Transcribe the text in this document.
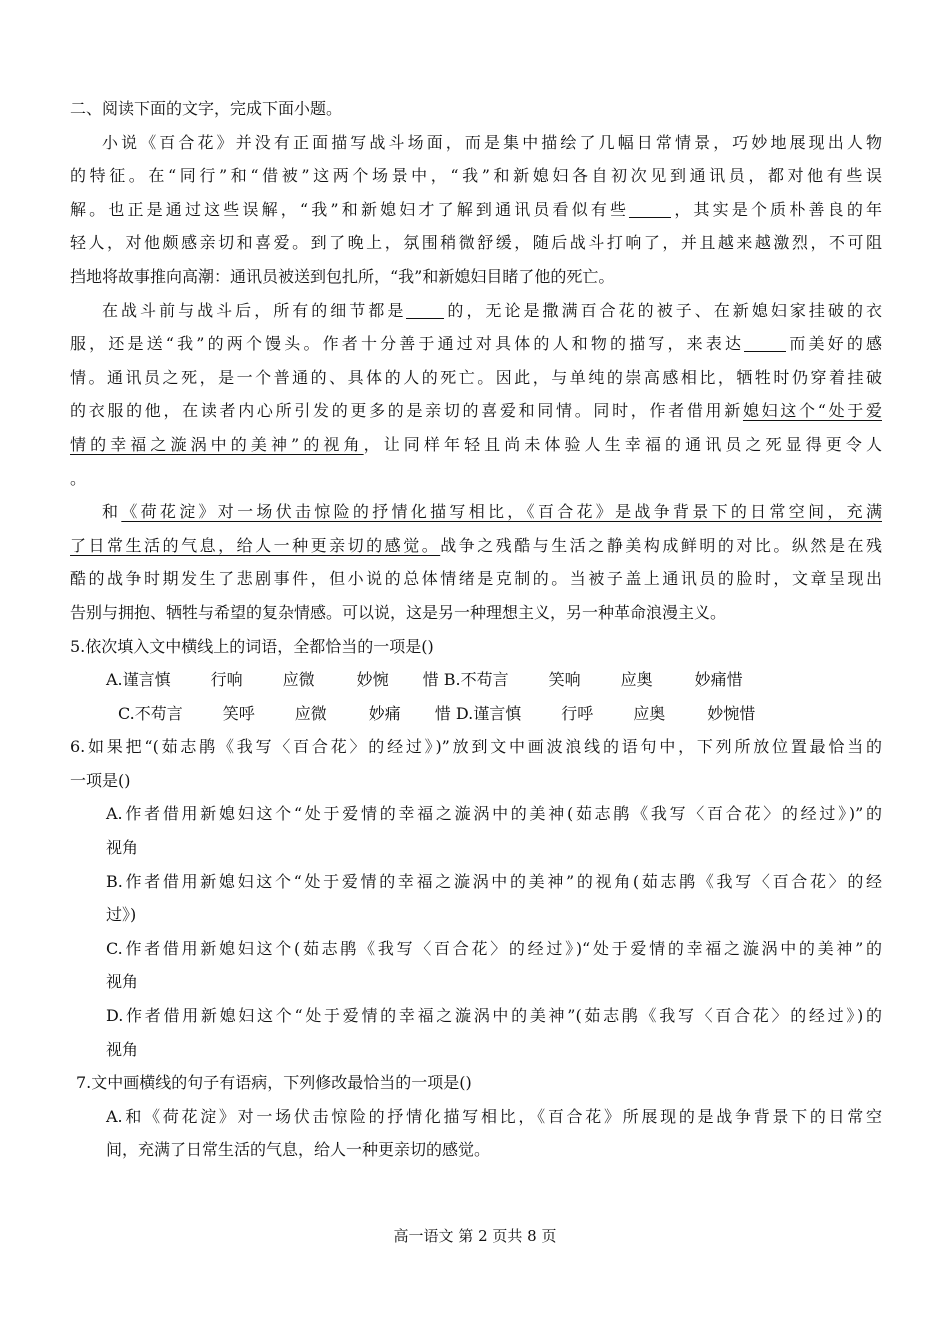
二、阅读下面的文字，完成下面小题。
小说《百合花》并没有正面描写战斗场面，而是集中描绘了几幅日常情景，巧妙地展现出人物
的特征。在“同行”和“借被”这两个场景中，“我”和新媳妇各自初次见到通讯员，都对他有些误
解。也正是通过这些误解，“我”和新媳妇才了解到通讯员看似有些	，其实是个质朴善良的年
轻人，对他颇感亲切和喜爱。到了晚上，氛围稍微舒缓，随后战斗打响了，并且越来越激烈，不可阻
挡地将故事推向高潮：通讯员被送到包扎所，“我”和新媳妇目睹了他的死亡。
在战斗前与战斗后，所有的细节都是 的，无论是撒满百合花的被子、在新媳妇家挂破的衣
服，还是送“我”的两个馒头。作者十分善于通过对具体的人和物的描写，来表达	而美好的感
情。通讯员之死，是一个普通的、具体的人的死亡。因此，与单纯的崇高感相比，牺牲时仍穿着挂破
的衣服的他，在读者内心所引发的更多的是亲切的喜爱和同情。同时，作者借用新媳妇这个“处于爱
情的幸福之漩涡中的美神”的视角，让同样年轻且尚未体验人生幸福的通讯员之死显得更令人
。
和《荷花淀》对一场伏击惊险的抒情化描写相比，《百合花》是战争背景下的日常空间，充满
了日常生活的气息，给人一种更亲切的感觉。战争之残酷与生活之静美构成鲜明的对比。纵然是在残
酷的战争时期发生了悲剧事件，但小说的总体情绪是克制的。当被子盖上通讯员的脸时，文章呈现出
告别与拥抱、牺牲与希望的复杂情感。可以说，这是另一种理想主义，另一种革命浪漫主义。
5.依次填入文中横线上的词语，全都恰当的一项是()
A.谨言慎 行响 应微	妙惋 惜 B.不苟言 笑响 应奥	妙痛惜
C.不苟言 笑呼 应微	妙痛 惜 D.谨言慎 行呼 应奥	妙惋惜
6.如果把“(茹志鹃《我写〈百合花〉的经过》)”放到文中画波浪线的语句中，下列所放位置最恰当的
一项是()
A.作者借用新媳妇这个“处于爱情的幸福之漩涡中的美神(茹志鹃《我写〈百合花〉的经过》)”的
视角
B.作者借用新媳妇这个“处于爱情的幸福之漩涡中的美神”的视角(茹志鹃《我写〈百合花〉的经
过》)
C.作者借用新媳妇这个(茹志鹃《我写〈百合花〉的经过》)“处于爱情的幸福之漩涡中的美神”的
视角
D.作者借用新媳妇这个“处于爱情的幸福之漩涡中的美神”(茹志鹃《我写〈百合花〉的经过》)的
视角
7.文中画横线的句子有语病，下列修改最恰当的一项是()
A.和《荷花淀》对一场伏击惊险的抒情化描写相比，《百合花》所展现的是战争背景下的日常空
间，充满了日常生活的气息，给人一种更亲切的感觉。
高一语文 第 2 页共 8 页
